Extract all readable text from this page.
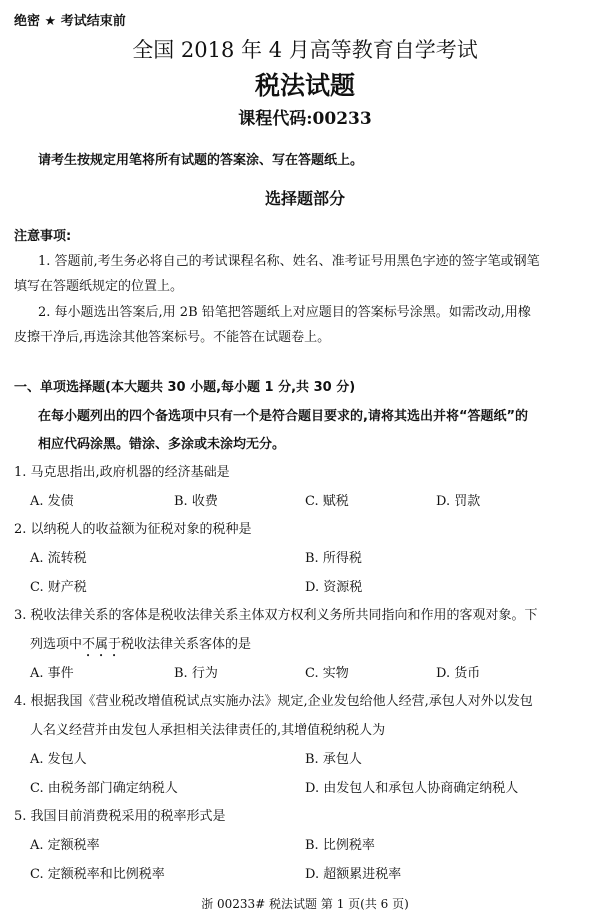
绝密 ★ 考试结束前
全国 2018 年 4 月高等教育自学考试
税法试题
课程代码:00233
请考生按规定用笔将所有试题的答案涂、写在答题纸上。
选择题部分
注意事项:
1. 答题前,考生务必将自己的考试课程名称、姓名、准考证号用黑色字迹的签字笔或钢笔
填写在答题纸规定的位置上。
2. 每小题选出答案后,用 2B 铅笔把答题纸上对应题目的答案标号涂黑。如需改动,用橡
皮擦干净后,再选涂其他答案标号。不能答在试题卷上。
一、单项选择题(本大题共 30 小题,每小题 1 分,共 30 分)
在每小题列出的四个备选项中只有一个是符合题目要求的,请将其选出并将“答题纸”的
相应代码涂黑。错涂、多涂或未涂均无分。
1. 马克思指出,政府机器的经济基础是
A. 发债	B. 收费	C. 赋税	D. 罚款
2. 以纳税人的收益额为征税对象的税种是
A. 流转税	B. 所得税
C. 财产税	D. 资源税
3. 税收法律关系的客体是税收法律关系主体双方权利义务所共同指向和作用的客观对象。下
列选项中不属于税收法律关系客体的是
A. 事件	B. 行为	C. 实物	D. 货币
4. 根据我国《营业税改增值税试点实施办法》规定,企业发包给他人经营,承包人对外以发包
人名义经营并由发包人承担相关法律责任的,其增值税纳税人为
A. 发包人	B. 承包人
C. 由税务部门确定纳税人	D. 由发包人和承包人协商确定纳税人
5. 我国目前消费税采用的税率形式是
A. 定额税率	B. 比例税率
C. 定额税率和比例税率	D. 超额累进税率
浙 00233# 税法试题 第 1 页(共 6 页)
